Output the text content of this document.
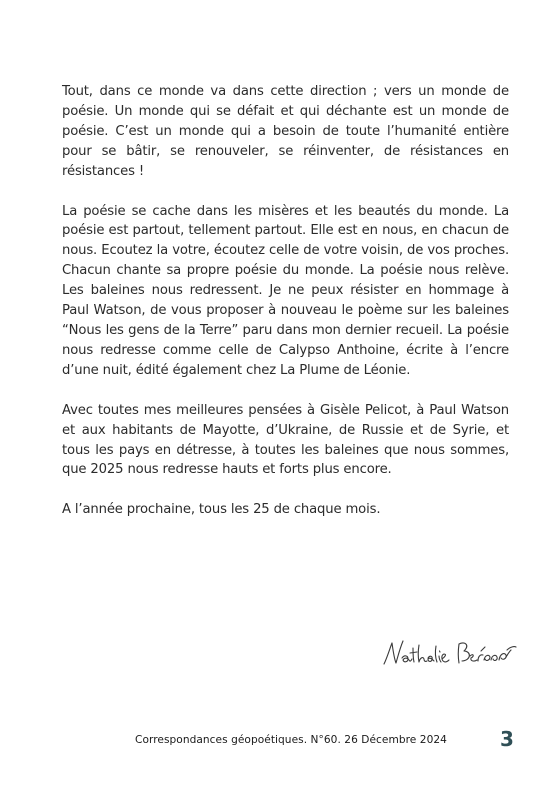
Tout, dans ce monde va dans cette direction ; vers un monde de poésie. Un monde qui se défait et qui déchante est un monde de poésie. C’est un monde qui a besoin de toute l’humanité entière pour se bâtir, se renouveler, se réinventer, de résistances en résistances !

La poésie se cache dans les misères et les beautés du monde. La poésie est partout, tellement partout. Elle est en nous, en chacun de nous. Ecoutez la votre, écoutez celle de votre voisin, de vos proches. Chacun chante sa propre poésie du monde. La poésie nous relève. Les baleines nous redressent. Je ne peux résister en hommage à Paul Watson, de vous proposer à nouveau le poème sur les baleines “Nous les gens de la Terre” paru dans mon dernier recueil. La poésie nous redresse comme celle de Calypso Anthoine, écrite à l’encre d’une nuit, édité également chez La Plume de Léonie.

Avec toutes mes meilleures pensées à Gisèle Pelicot, à Paul Watson et aux habitants de Mayotte, d’Ukraine, de Russie et de Syrie, et tous les pays en détresse, à toutes les baleines que nous sommes, que 2025 nous redresse hauts et forts plus encore.

A l’année prochaine, tous les 25 de chaque mois.

Correspondances géopoétiques. N°60. 26 Décembre 2024	3
